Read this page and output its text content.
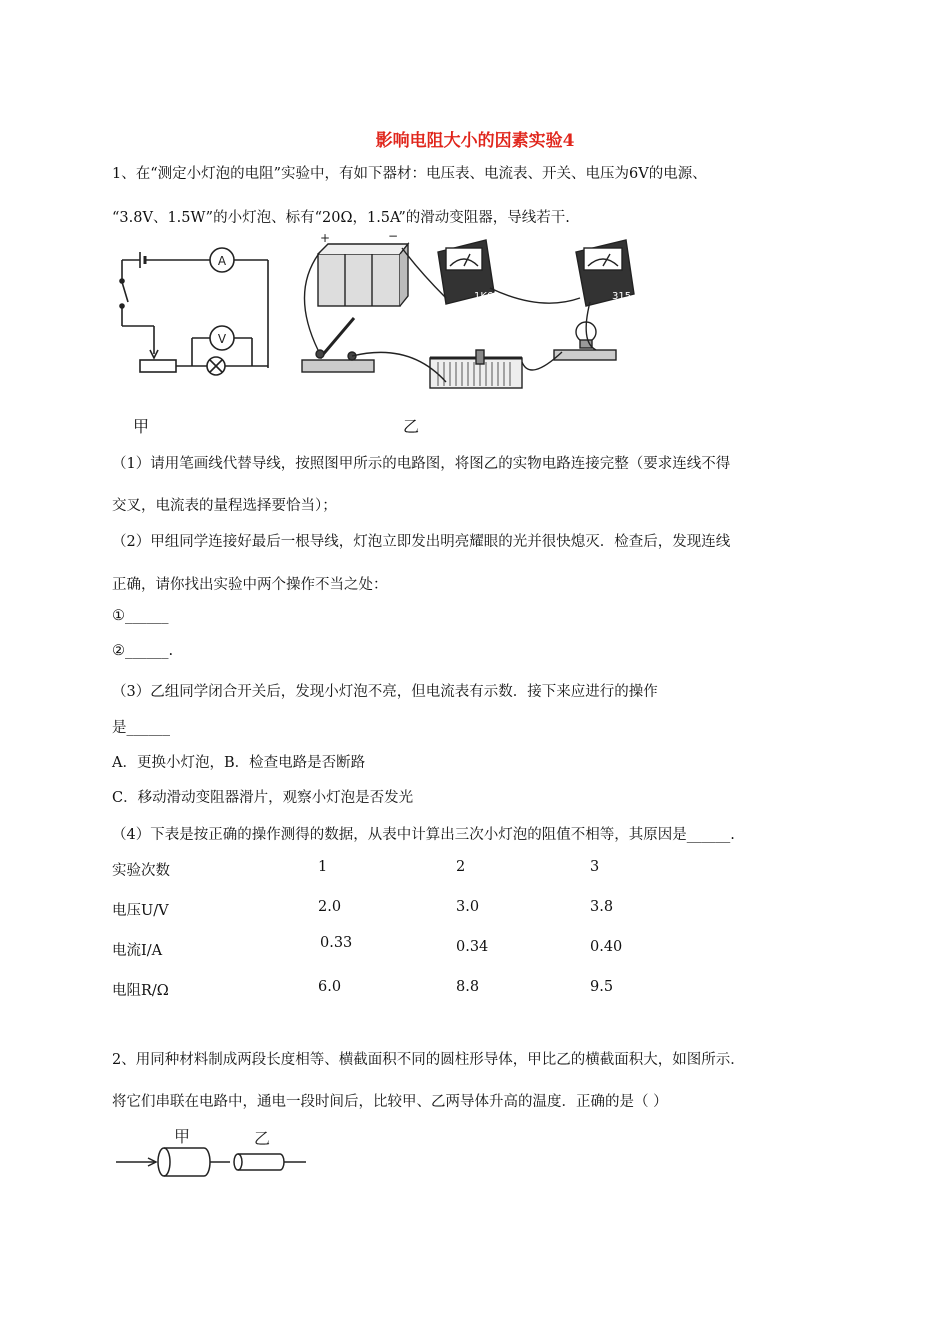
影响电阻大小的因素实验4
1、在“测定小灯泡的电阻”实验中，有如下器材：电压表、电流表、开关、电压为6V的电源、
“3.8V、1.5W”的小灯泡、标有“20Ω，1.5A”的滑动变阻器，导线若干.
A
V
+	−
1K63	315
甲	乙
（1）请用笔画线代替导线，按照图甲所示的电路图，将图乙的实物电路连接完整（要求连线不得
交叉，电流表的量程选择要恰当）；
（2）甲组同学连接好最后一根导线，灯泡立即发出明亮耀眼的光并很快熄灭．检查后，发现连线
正确，请你找出实验中两个操作不当之处：
①______
②______.
（3）乙组同学闭合开关后，发现小灯泡不亮，但电流表有示数．接下来应进行的操作
是______
A．更换小灯泡，B．检查电路是否断路
C．移动滑动变阻器滑片，观察小灯泡是否发光
（4）下表是按正确的操作测得的数据，从表中计算出三次小灯泡的阻值不相等，其原因是______.
实验次数	1	2	3
电压U/V	2.0	3.0	3.8
电流I/A	0.33	0.34	0.40
电阻R/Ω	6.0	8.8	9.5
2、用同种材料制成两段长度相等、横截面积不同的圆柱形导体，甲比乙的横截面积大，如图所示．
将它们串联在电路中，通电一段时间后，比较甲、乙两导体升高的温度．正确的是（ ）
甲	乙
